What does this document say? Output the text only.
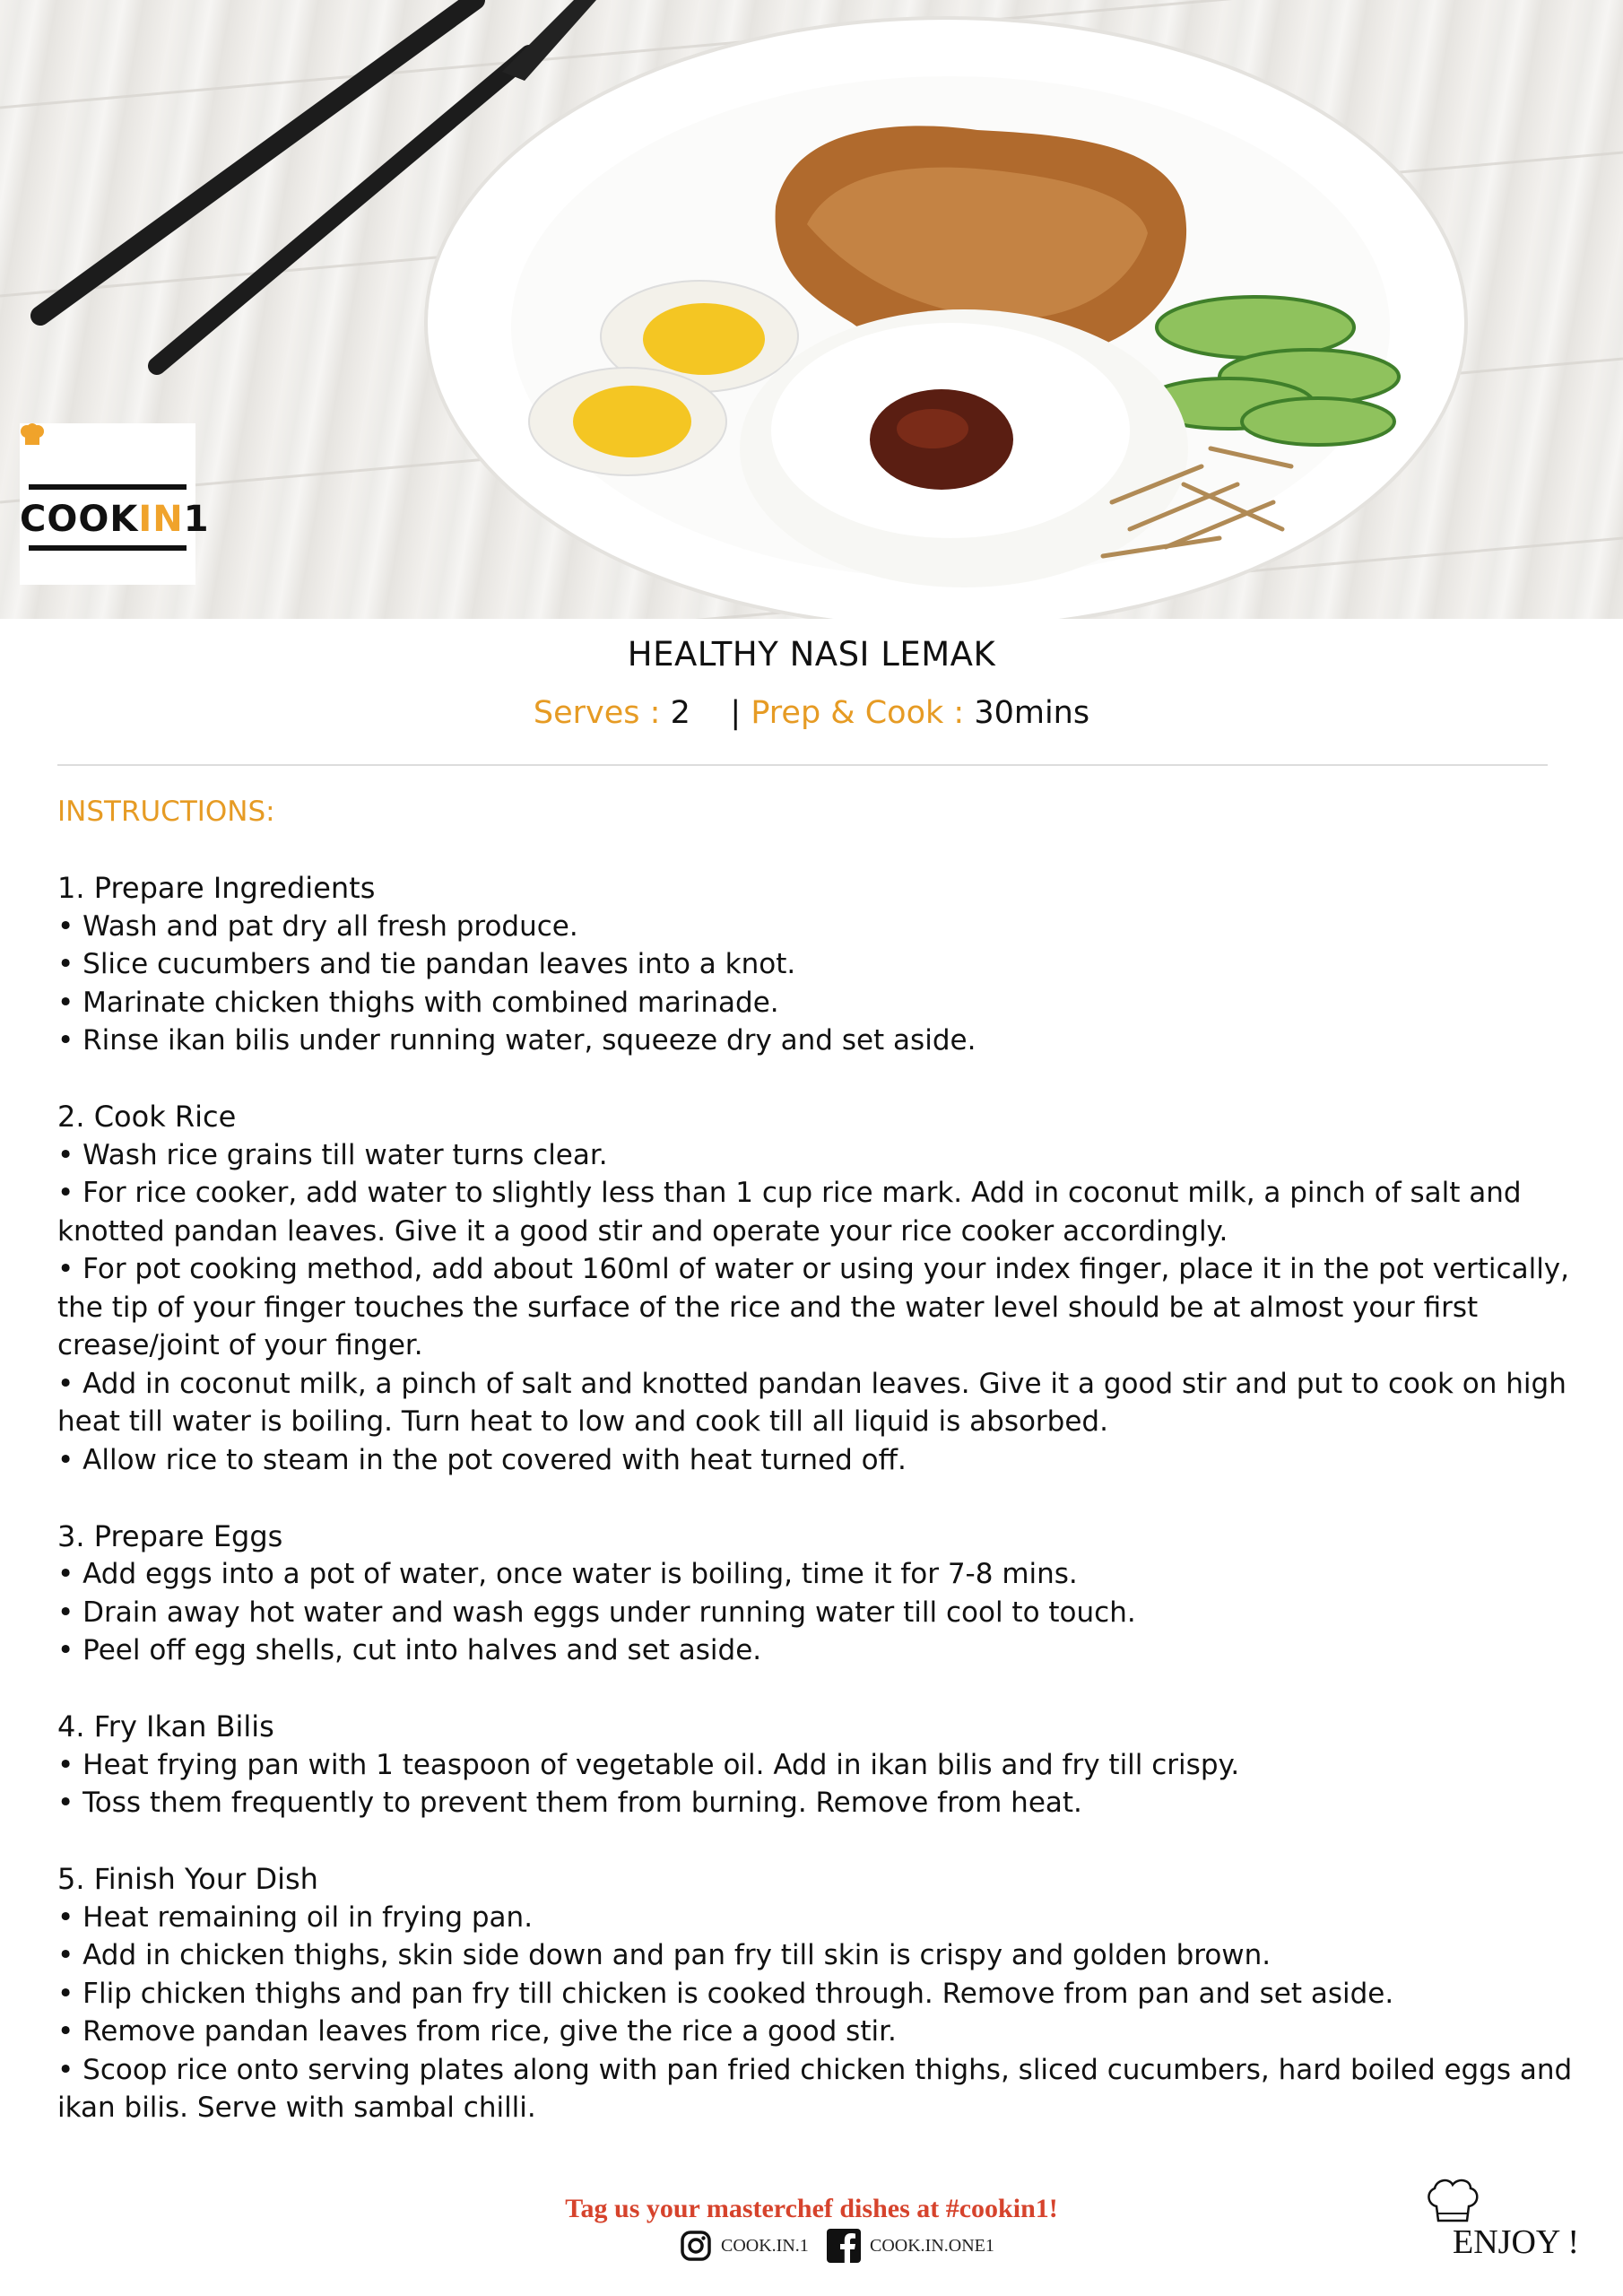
COOKIN1
HEALTHY NASI LEMAK
Serves : 2 | Prep & Cook : 30mins
INSTRUCTIONS:
1. Prepare Ingredients

• Wash and pat dry all fresh produce.

• Slice cucumbers and tie pandan leaves into a knot.

• Marinate chicken thighs with combined marinade.

• Rinse ikan bilis under running water, squeeze dry and set aside.

2. Cook Rice

• Wash rice grains till water turns clear.

• For rice cooker, add water to slightly less than 1 cup rice mark. Add in coconut milk, a pinch of salt and knotted pandan leaves. Give it a good stir and operate your rice cooker accordingly.

• For pot cooking method, add about 160ml of water or using your index finger, place it in the pot vertically, the tip of your finger touches the surface of the rice and the water level should be at almost your first crease/joint of your finger.

• Add in coconut milk, a pinch of salt and knotted pandan leaves. Give it a good stir and put to cook on high heat till water is boiling. Turn heat to low and cook till all liquid is absorbed.

• Allow rice to steam in the pot covered with heat turned off.

3. Prepare Eggs

• Add eggs into a pot of water, once water is boiling, time it for 7-8 mins.

• Drain away hot water and wash eggs under running water till cool to touch.

• Peel off egg shells, cut into halves and set aside.

4. Fry Ikan Bilis

• Heat frying pan with 1 teaspoon of vegetable oil. Add in ikan bilis and fry till crispy.

• Toss them frequently to prevent them from burning. Remove from heat.

5. Finish Your Dish

• Heat remaining oil in frying pan.

• Add in chicken thighs, skin side down and pan fry till skin is crispy and golden brown.

• Flip chicken thighs and pan fry till chicken is cooked through. Remove from pan and set aside.

• Remove pandan leaves from rice, give the rice a good stir.

• Scoop rice onto serving plates along with pan fried chicken thighs, sliced cucumbers, hard boiled eggs and ikan bilis. Serve with sambal chilli.

Tag us your masterchef dishes at #cookin1!
COOK.IN.1	COOK.IN.ONE1	ENJOY !
